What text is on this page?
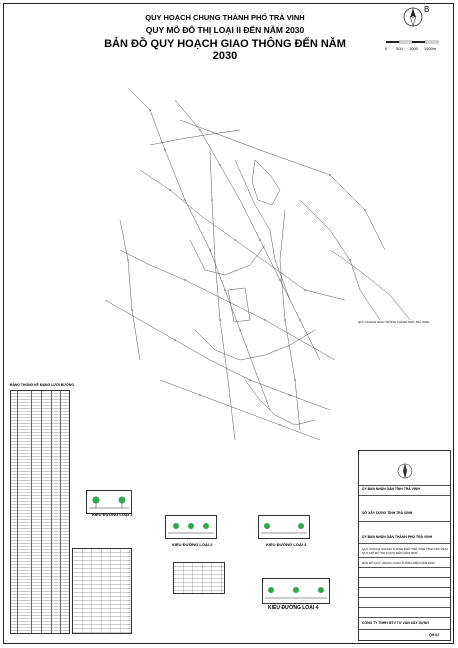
QUY HOẠCH CHUNG THÀNH PHỐ TRÀ VINH
QUY MÔ ĐÔ THỊ LOẠI II ĐẾN NĂM 2030
BẢN ĐỒ QUY HOẠCH GIAO THÔNG ĐẾN NĂM 2030
B
0 500 1000 1500m
QUY HOẠCH GIAO THÔNG THÀNH PHỐ TRÀ VINH
BẢNG THỐNG KÊ MẠNG LƯỚI ĐƯỜNG
KIỂU ĐƯỜNG LOẠI 1
KIỂU ĐƯỜNG LOẠI 2	KIỂU ĐƯỜNG LOẠI 3
KIỂU ĐƯỜNG LOẠI 4
ỦY BAN NHÂN DÂN TỈNH TRÀ VINH
SỞ XÂY DỰNG TỈNH TRÀ VINH
ỦY BAN NHÂN DÂN THÀNH PHỐ TRÀ VINH
QUY HOẠCH CHUNG THÀNH PHỐ TRÀ VINH TỈNH TRÀ VINH
QUY MÔ ĐÔ THỊ LOẠI II ĐẾN NĂM 2030
BẢN ĐỒ QUY HOẠCH GIAO THÔNG ĐẾN NĂM 2030
CÔNG TY TNHH MTV TƯ VẤN XÂY DỰNG
QH-04
